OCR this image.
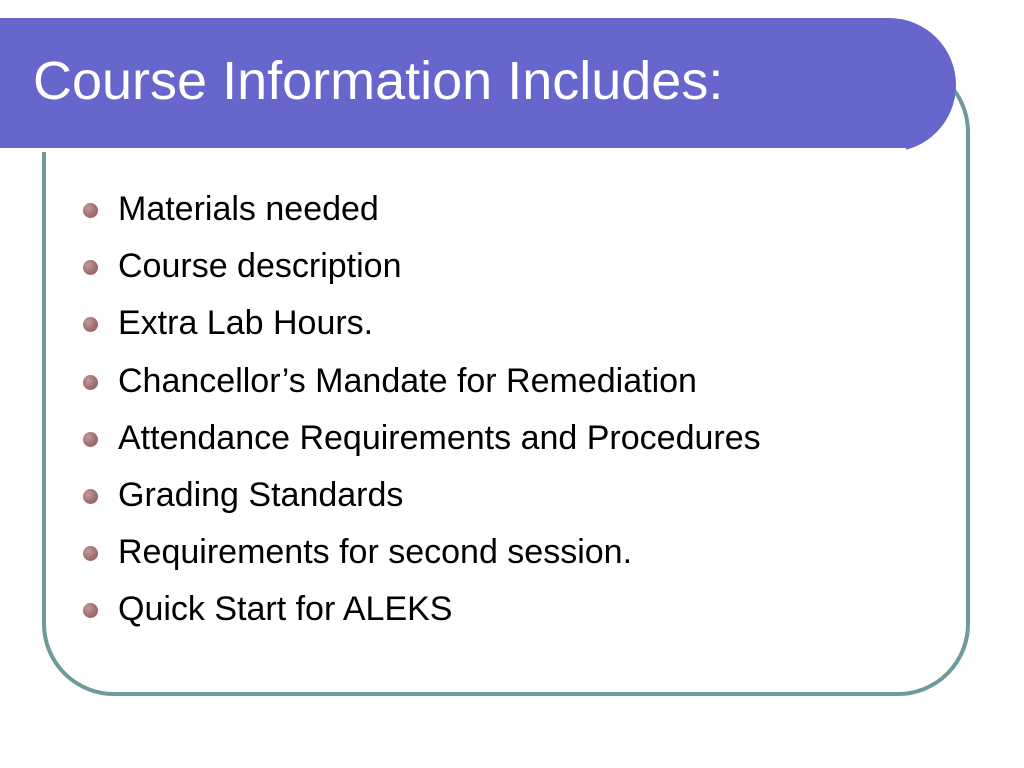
Course Information Includes:
Materials needed
Course description
Extra Lab Hours.
Chancellor’s Mandate for Remediation
Attendance Requirements and Procedures
Grading Standards
Requirements for second session.
Quick Start for ALEKS
